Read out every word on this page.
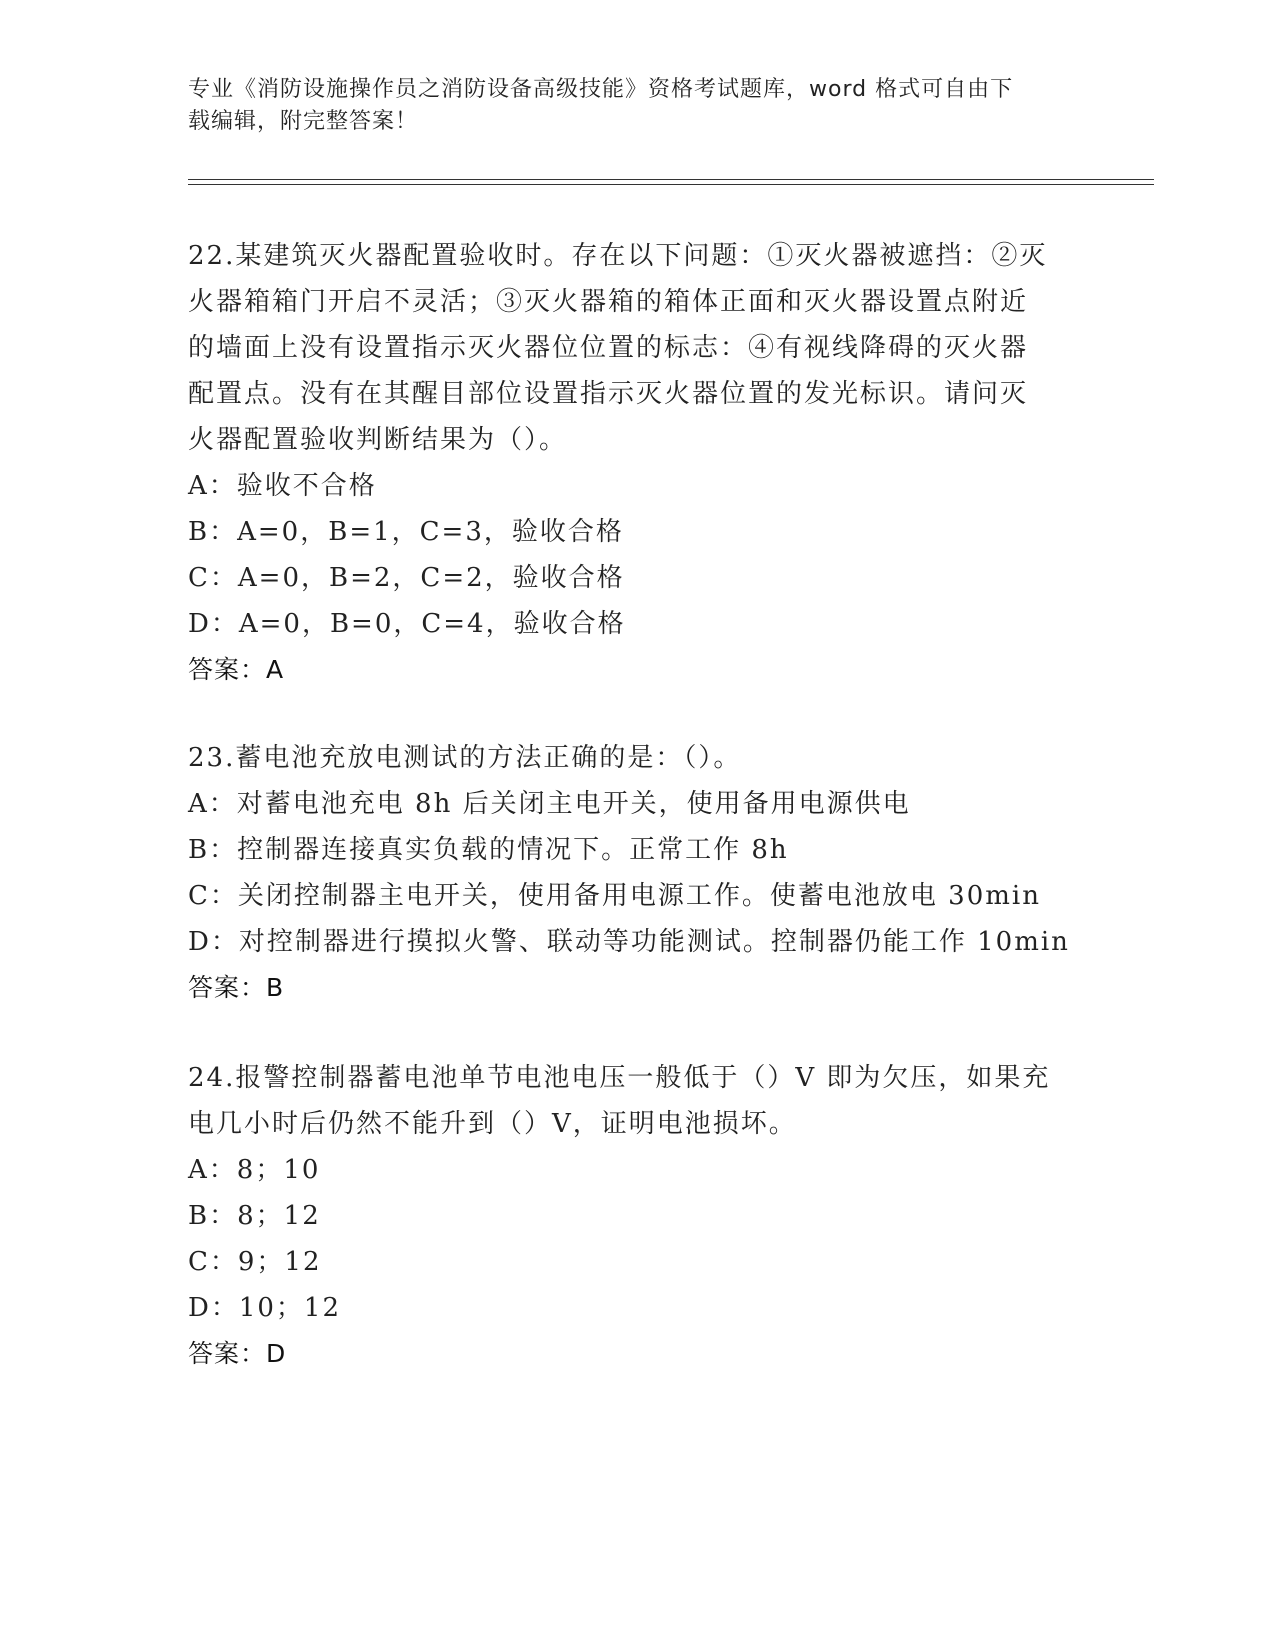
专业《消防设施操作员之消防设备高级技能》资格考试题库，word 格式可自由下
载编辑，附完整答案！

22.某建筑灭火器配置验收时。存在以下问题：①灭火器被遮挡：②灭

火器箱箱门开启不灵活；③灭火器箱的箱体正面和灭火器设置点附近

的墙面上没有设置指示灭火器位位置的标志：④有视线降碍的灭火器

配置点。没有在其醒目部位设置指示灭火器位置的发光标识。请问灭

火器配置验收判断结果为（）。

A：验收不合格

B：A=0，B=1，C=3，验收合格

C：A=0，B=2，C=2，验收合格

D：A=0，B=0，C=4，验收合格

答案：A

23.蓄电池充放电测试的方法正确的是：（）。

A：对蓄电池充电 8h 后关闭主电开关，使用备用电源供电

B：控制器连接真实负载的情况下。正常工作 8h

C：关闭控制器主电开关，使用备用电源工作。使蓄电池放电 30min

D：对控制器进行摸拟火警、联动等功能测试。控制器仍能工作 10min

答案：B

24.报警控制器蓄电池单节电池电压一般低于（）V 即为欠压，如果充

电几小时后仍然不能升到（）V，证明电池损坏。

A：8；10

B：8；12

C：9；12

D：10；12

答案：D
